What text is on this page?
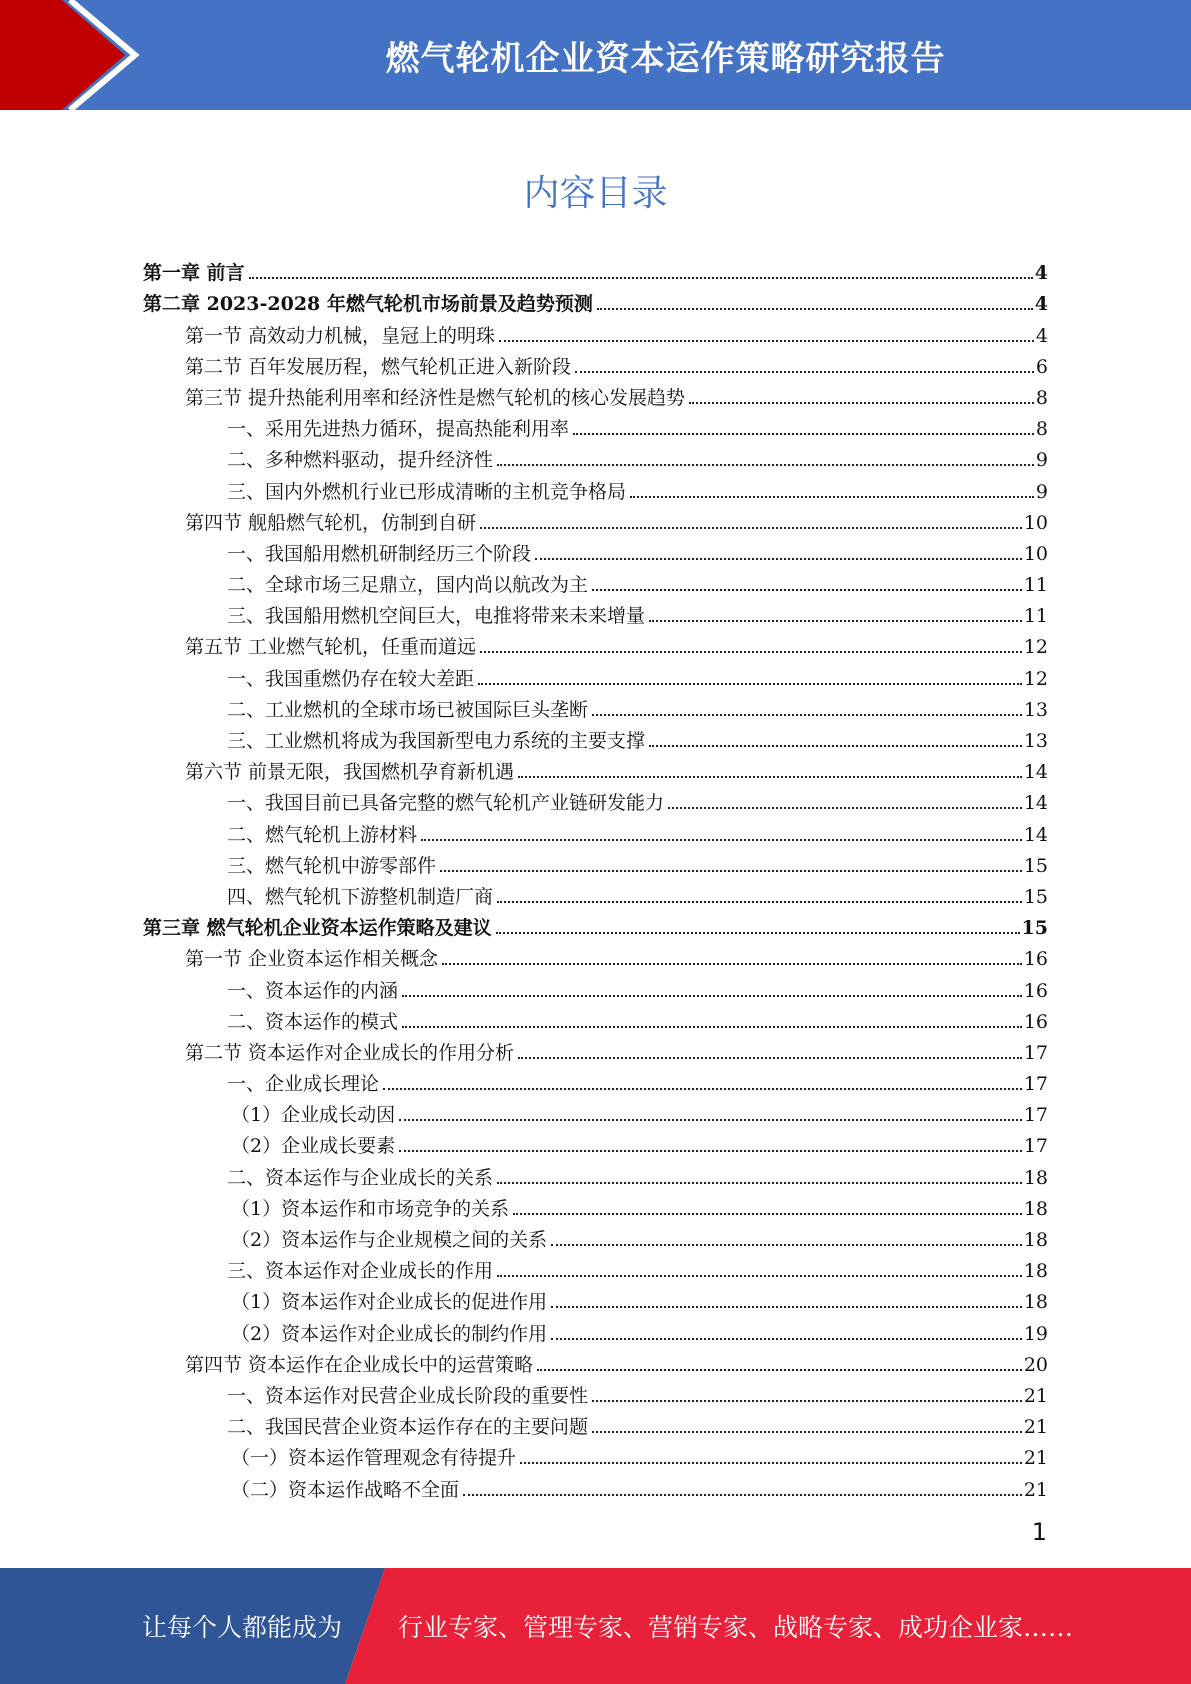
燃气轮机企业资本运作策略研究报告
内容目录
第一章 前言	4
第二章 2023-2028 年燃气轮机市场前景及趋势预测	4
第一节 高效动力机械，皇冠上的明珠	4
第二节 百年发展历程，燃气轮机正进入新阶段	6
第三节 提升热能利用率和经济性是燃气轮机的核心发展趋势	8
一、采用先进热力循环，提高热能利用率	8
二、多种燃料驱动，提升经济性	9
三、国内外燃机行业已形成清晰的主机竞争格局	9
第四节 舰船燃气轮机，仿制到自研	10
一、我国船用燃机研制经历三个阶段	10
二、全球市场三足鼎立，国内尚以航改为主	11
三、我国船用燃机空间巨大，电推将带来未来增量	11
第五节 工业燃气轮机，任重而道远	12
一、我国重燃仍存在较大差距	12
二、工业燃机的全球市场已被国际巨头垄断	13
三、工业燃机将成为我国新型电力系统的主要支撑	13
第六节 前景无限，我国燃机孕育新机遇	14
一、我国目前已具备完整的燃气轮机产业链研发能力	14
二、燃气轮机上游材料	14
三、燃气轮机中游零部件	15
四、燃气轮机下游整机制造厂商	15
第三章 燃气轮机企业资本运作策略及建议	15
第一节 企业资本运作相关概念	16
一、资本运作的内涵	16
二、资本运作的模式	16
第二节 资本运作对企业成长的作用分析	17
一、企业成长理论	17
（1）企业成长动因	17
（2）企业成长要素	17
二、资本运作与企业成长的关系	18
（1）资本运作和市场竞争的关系	18
（2）资本运作与企业规模之间的关系	18
三、资本运作对企业成长的作用	18
（1）资本运作对企业成长的促进作用	18
（2）资本运作对企业成长的制约作用	19
第四节 资本运作在企业成长中的运营策略	20
一、资本运作对民营企业成长阶段的重要性	21
二、我国民营企业资本运作存在的主要问题	21
（一）资本运作管理观念有待提升	21
（二）资本运作战略不全面	21
1
让每个人都能成为 行业专家、管理专家、营销专家、战略专家、成功企业家……
